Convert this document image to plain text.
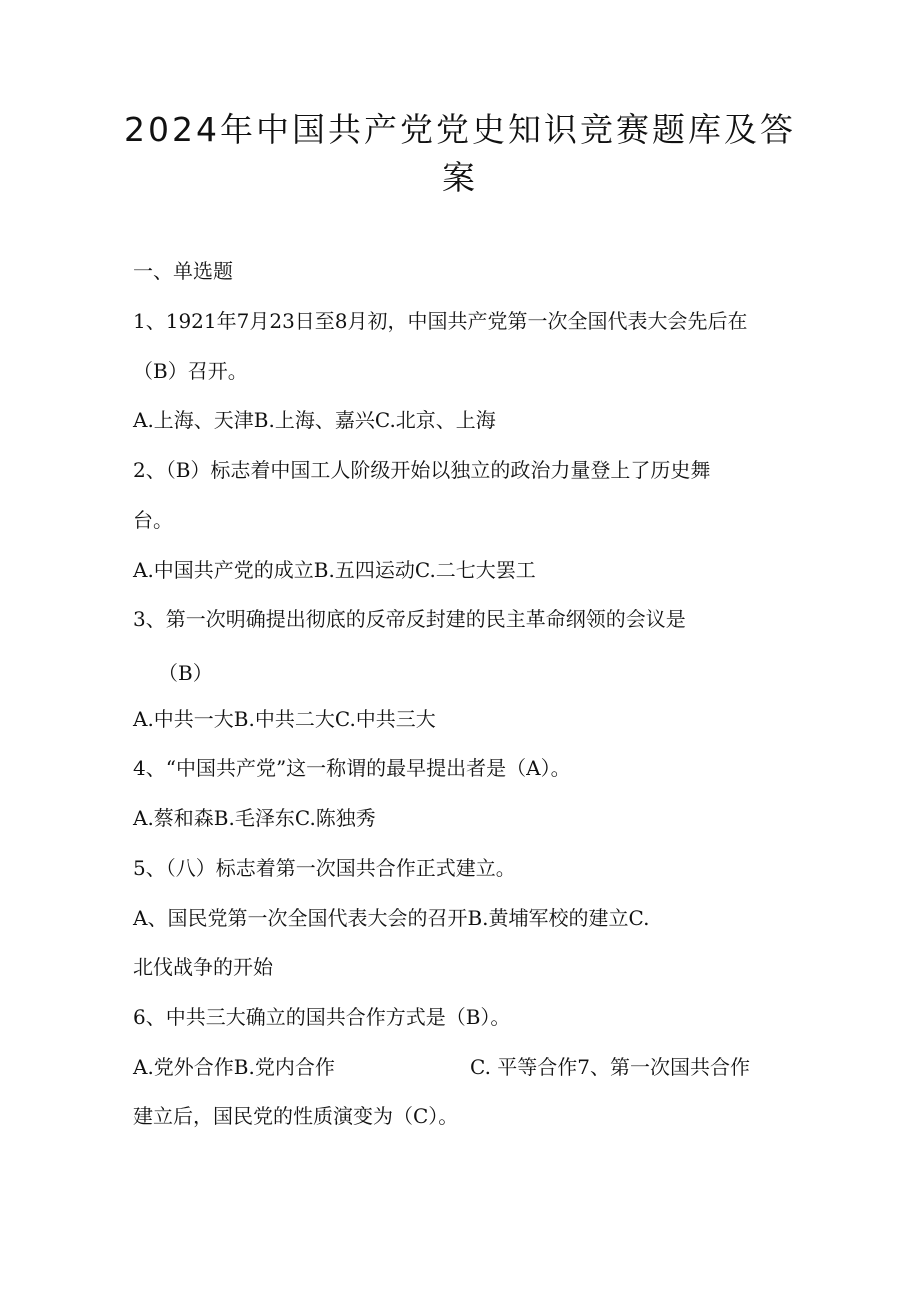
2024年中国共产党党史知识竞赛题库及答
案
一、单选题
1、1921年7月23日至8月初，中国共产党第一次全国代表大会先后在
（B）召开。
A.上海、天津B.上海、嘉兴C.北京、上海
2、（B）标志着中国工人阶级开始以独立的政治力量登上了历史舞
台。
A.中国共产党的成立B.五四运动C.二七大罢工
3、第一次明确提出彻底的反帝反封建的民主革命纲领的会议是
（B）
A.中共一大B.中共二大C.中共三大
4、“中国共产党”这一称谓的最早提出者是（A）。
A.蔡和森B.毛泽东C.陈独秀
5、（八）标志着第一次国共合作正式建立。
A、国民党第一次全国代表大会的召开B.黄埔军校的建立C.
北伐战争的开始
6、中共三大确立的国共合作方式是（B）。
A.党外合作B.党内合作	C. 平等合作7、第一次国共合作
建立后，国民党的性质演变为（C）。
